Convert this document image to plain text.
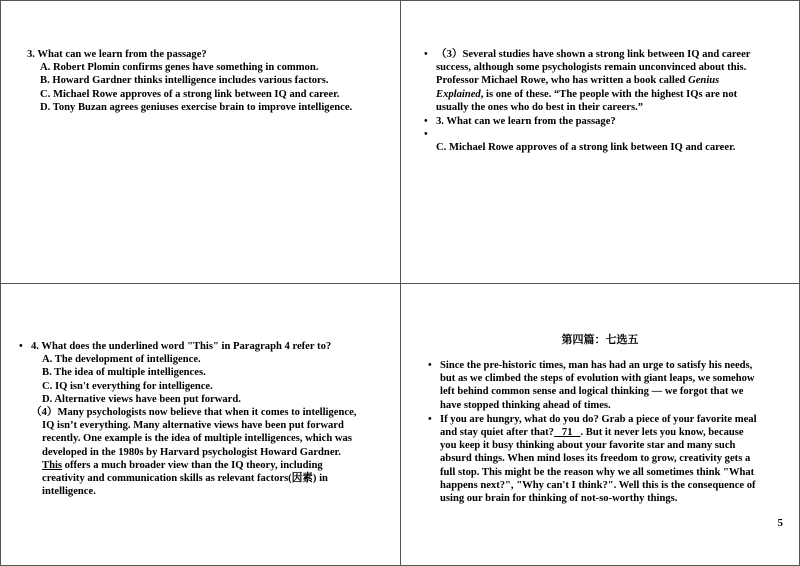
3. What can we learn from the passage?
A. Robert Plomin confirms genes have something in common.
B. Howard Gardner thinks intelligence includes various factors.
C. Michael Rowe approves of a strong link between IQ and career.
D. Tony Buzan agrees geniuses exercise brain to improve intelligence.
• （3）Several studies have shown a strong link between IQ and career
success, although some psychologists remain unconvinced about this.
Professor Michael Rowe, who has written a book called Genius
Explained, is one of these. “The people with the highest IQs are not
usually the ones who do best in their careers.”
• 3. What can we learn from the passage?
•

C. Michael Rowe approves of a strong link between IQ and career.
• 4. What does the underlined word "This" in Paragraph 4 refer to?
A. The development of intelligence.
B. The idea of multiple intelligences.
C. IQ isn't everything for intelligence.
D. Alternative views have been put forward.
（4）Many psychologists now believe that when it comes to intelligence,
IQ isn’t everything. Many alternative views have been put forward
recently. One example is the idea of multiple intelligences, which was
developed in the 1980s by Harvard psychologist Howard Gardner.
This offers a much broader view than the IQ theory, including
creativity and communication skills as relevant factors(因素) in
intelligence.
第四篇：七选五
• Since the pre-historic times, man has had an urge to satisfy his needs,
but as we climbed the steps of evolution with giant leaps, we somehow
left behind common sense and logical thinking — we forgot that we
have stopped thinking ahead of times.
• If you are hungry, what do you do? Grab a piece of your favorite meal
and stay quiet after that?   71   . But it never lets you know, because
you keep it busy thinking about your favorite star and many such
absurd things. When mind loses its freedom to grow, creativity gets a
full stop. This might be the reason why we all sometimes think "What
happens next?", "Why can't I think?". Well this is the consequence of
using our brain for thinking of not-so-worthy things.
5
